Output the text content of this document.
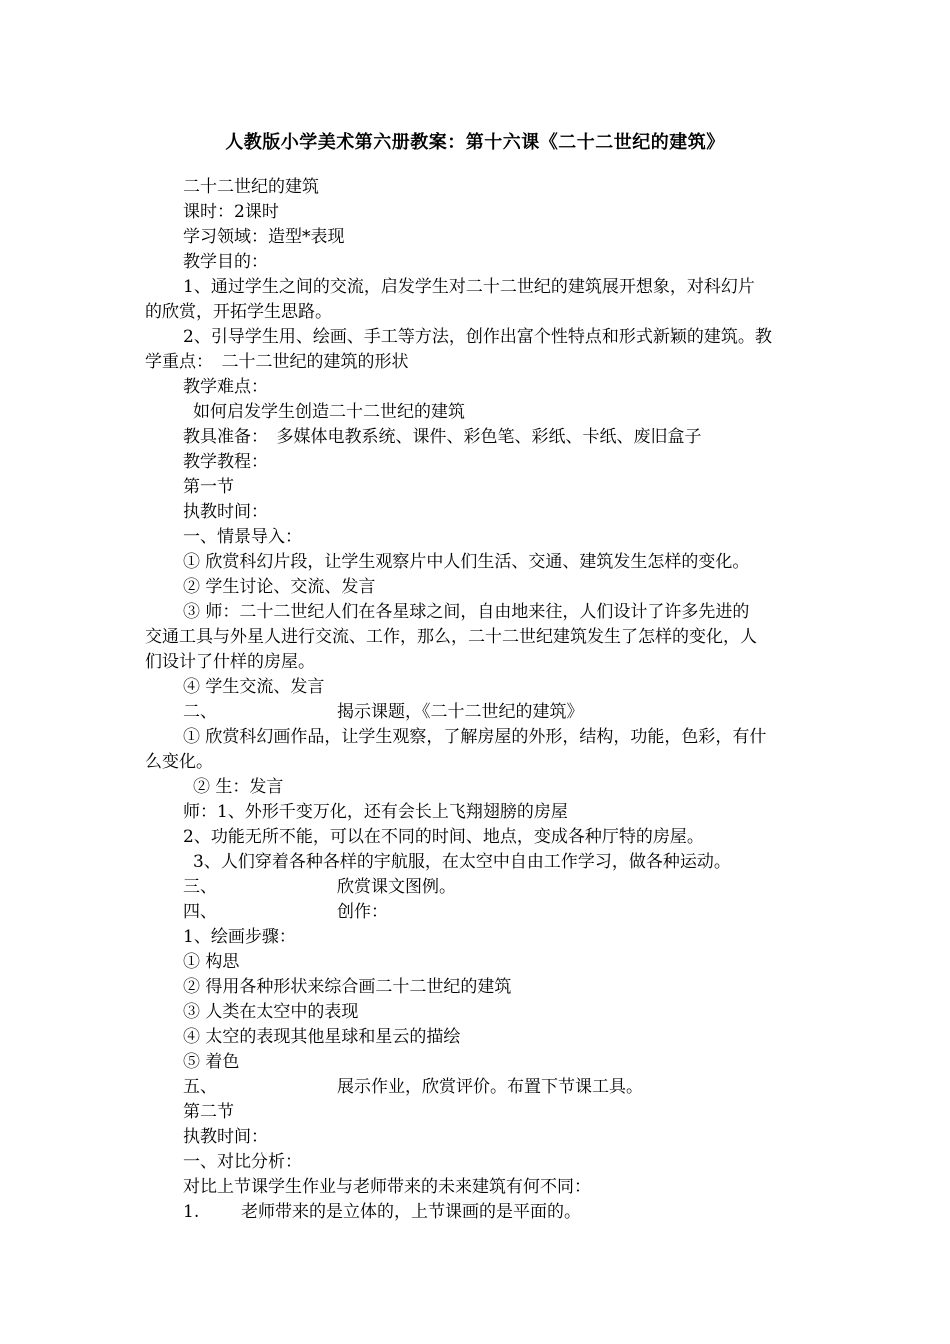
人教版小学美术第六册教案：第十六课《二十二世纪的建筑》
二十二世纪的建筑
课时：2课时
学习领域：造型*表现
教学目的：
1、通过学生之间的交流，启发学生对二十二世纪的建筑展开想象，对科幻片
的欣赏，开拓学生思路。
2、引导学生用、绘画、手工等方法，创作出富个性特点和形式新颖的建筑。教
学重点：　二十二世纪的建筑的形状
教学难点：
如何启发学生创造二十二世纪的建筑
教具准备：　多媒体电教系统、课件、彩色笔、彩纸、卡纸、废旧盒子
教学教程：
第一节
执教时间：
一、情景导入：
① 欣赏科幻片段，让学生观察片中人们生活、交通、建筑发生怎样的变化。
② 学生讨论、交流、发言
③ 师：二十二世纪人们在各星球之间，自由地来往，人们设计了许多先进的
交通工具与外星人进行交流、工作，那么，二十二世纪建筑发生了怎样的变化，人
们设计了什样的房屋。
④ 学生交流、发言
二、	揭示课题，《二十二世纪的建筑》
① 欣赏科幻画作品，让学生观察，了解房屋的外形，结构，功能，色彩，有什
么变化。
② 生：发言
师：1、外形千变万化，还有会长上飞翔翅膀的房屋
2、功能无所不能，可以在不同的时间、地点，变成各种厅特的房屋。
3、人们穿着各种各样的宇航服，在太空中自由工作学习，做各种运动。
三、	欣赏课文图例。
四、	创作：
1、绘画步骤：
① 构思
② 得用各种形状来综合画二十二世纪的建筑
③ 人类在太空中的表现
④ 太空的表现其他星球和星云的描绘
⑤ 着色
五、	展示作业，欣赏评价。布置下节课工具。
第二节
执教时间：
一、对比分析：
对比上节课学生作业与老师带来的未来建筑有何不同：
1. 老师带来的是立体的，上节课画的是平面的。
